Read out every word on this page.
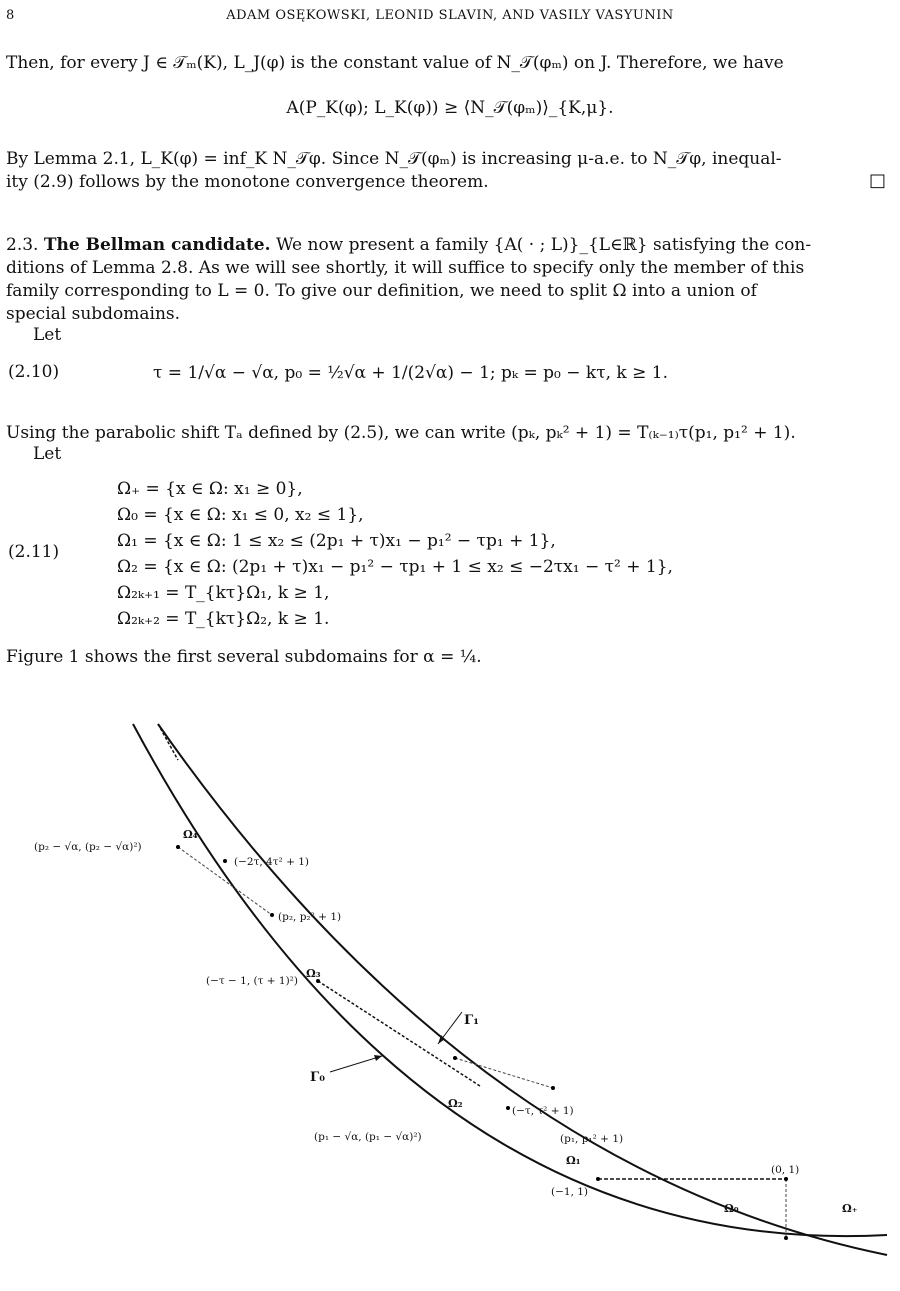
8	ADAM OSĘKOWSKI, LEONID SLAVIN, AND VASILY VASYUNIN
Then, for every J ∈ 𝒯ₘ(K), L_J(φ) is the constant value of N_𝒯(φₘ) on J. Therefore, we have
A(P_K(φ); L_K(φ)) ≥ ⟨N_𝒯(φₘ)⟩_{K,μ}.
By Lemma 2.1, L_K(φ) = inf_K N_𝒯φ. Since N_𝒯(φₘ) is increasing μ-a.e. to N_𝒯φ, inequal-
ity (2.9) follows by the monotone convergence theorem.	□
2.3. The Bellman candidate. We now present a family {A( · ; L)}_{L∈ℝ} satisfying the con-
ditions of Lemma 2.8. As we will see shortly, it will suffice to specify only the member of this
family corresponding to L = 0. To give our definition, we need to split Ω into a union of
special subdomains.
Let
(2.10)	τ = 1/√α − √α, p₀ = ½√α + 1/(2√α) − 1; pₖ = p₀ − kτ, k ≥ 1.
Using the parabolic shift Tₐ defined by (2.5), we can write (pₖ, pₖ² + 1) = T₍ₖ₋₁₎τ(p₁, p₁² + 1).
Let
(2.11)
Ω₊ = {x ∈ Ω: x₁ ≥ 0},
Ω₀ = {x ∈ Ω: x₁ ≤ 0, x₂ ≤ 1},
Ω₁ = {x ∈ Ω: 1 ≤ x₂ ≤ (2p₁ + τ)x₁ − p₁² − τp₁ + 1},
Ω₂ = {x ∈ Ω: (2p₁ + τ)x₁ − p₁² − τp₁ + 1 ≤ x₂ ≤ −2τx₁ − τ² + 1},
Ω₂ₖ₊₁ = T_{kτ}Ω₁, k ≥ 1,
Ω₂ₖ₊₂ = T_{kτ}Ω₂, k ≥ 1.
Figure 1 shows the first several subdomains for α = ¼.
Ω₄
Ω₃
Ω₂
Ω₁
Ω₀	Ω₊
Γ₁
Γ₀
(p₂ − √α, (p₂ − √α)²)
(−2τ, 4τ² + 1)
(p₂, p₂² + 1)
(−τ − 1, (τ + 1)²)
(−τ, τ² + 1)
(p₁ − √α, (p₁ − √α)²)	(p₁, p₁² + 1)
(−1, 1)
(0, 1)
